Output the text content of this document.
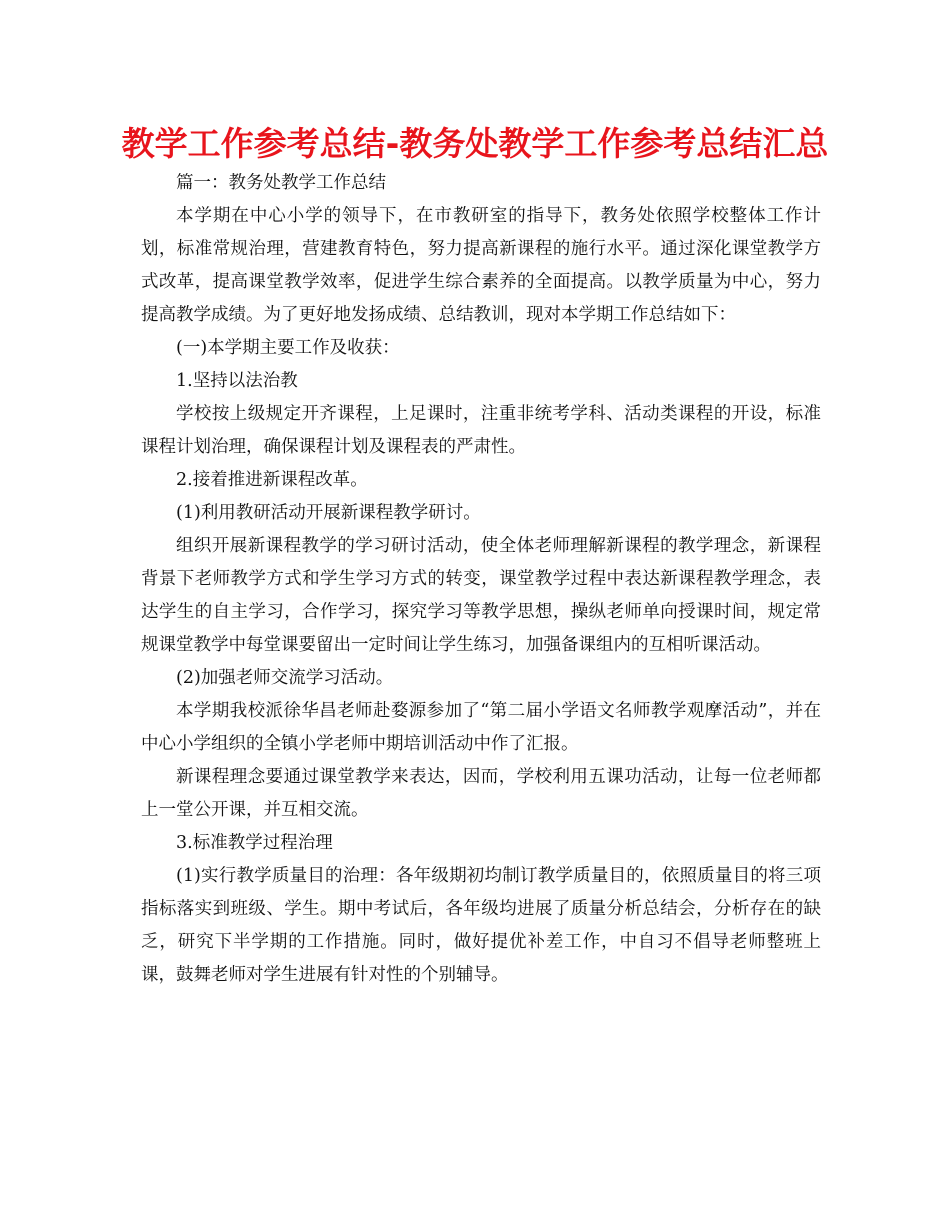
教学工作参考总结-教务处教学工作参考总结汇总

篇一：教务处教学工作总结

本学期在中心小学的领导下，在市教研室的指导下，教务处依照学校整体工作计划，标准常规治理，营建教育特色，努力提高新课程的施行水平。通过深化课堂教学方式改革，提高课堂教学效率，促进学生综合素养的全面提高。以教学质量为中心，努力提高教学成绩。为了更好地发扬成绩、总结教训，现对本学期工作总结如下：

(一)本学期主要工作及收获：

1.坚持以法治教

学校按上级规定开齐课程，上足课时，注重非统考学科、活动类课程的开设，标准课程计划治理，确保课程计划及课程表的严肃性。

2.接着推进新课程改革。

(1)利用教研活动开展新课程教学研讨。

组织开展新课程教学的学习研讨活动，使全体老师理解新课程的教学理念，新课程背景下老师教学方式和学生学习方式的转变，课堂教学过程中表达新课程教学理念，表达学生的自主学习，合作学习，探究学习等教学思想，操纵老师单向授课时间，规定常规课堂教学中每堂课要留出一定时间让学生练习，加强备课组内的互相听课活动。

(2)加强老师交流学习活动。

本学期我校派徐华昌老师赴婺源参加了“第二届小学语文名师教学观摩活动”，并在中心小学组织的全镇小学老师中期培训活动中作了汇报。

新课程理念要通过课堂教学来表达，因而，学校利用五课功活动，让每一位老师都上一堂公开课，并互相交流。

3.标准教学过程治理

(1)实行教学质量目的治理：各年级期初均制订教学质量目的，依照质量目的将三项指标落实到班级、学生。期中考试后，各年级均进展了质量分析总结会，分析存在的缺乏，研究下半学期的工作措施。同时，做好提优补差工作，中自习不倡导老师整班上课，鼓舞老师对学生进展有针对性的个别辅导。
